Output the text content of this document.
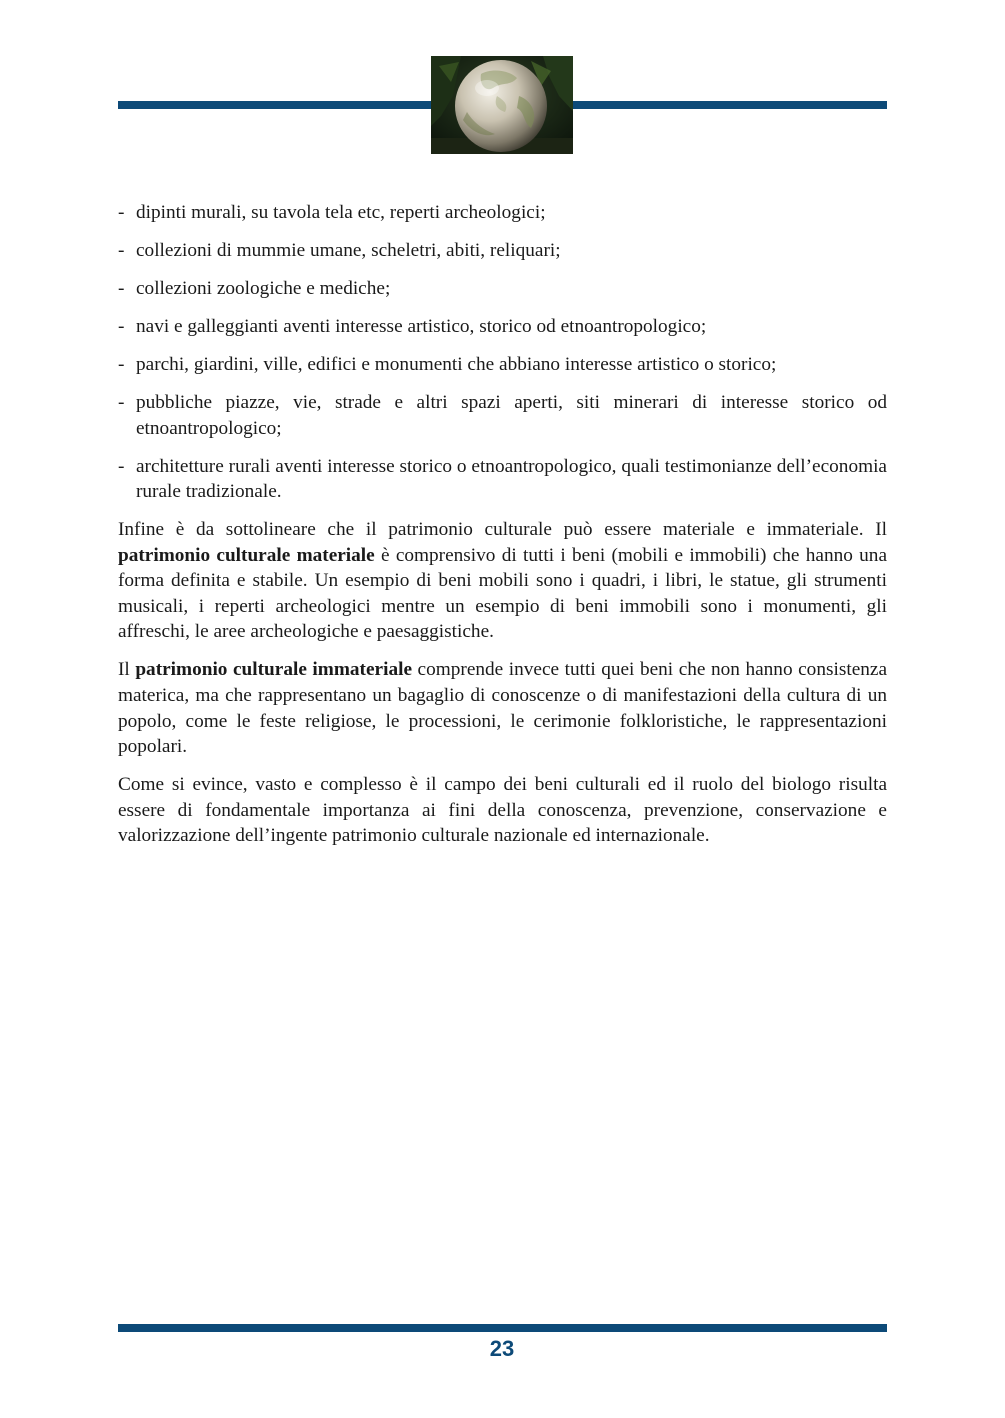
- dipinti murali, su tavola tela etc, reperti archeologici;
- collezioni di mummie umane, scheletri, abiti, reliquari;
- collezioni zoologiche e mediche;
- navi e galleggianti aventi interesse artistico, storico od etnoantropologico;
- parchi, giardini, ville, edifici e monumenti che abbiano interesse artistico o storico;
- pubbliche piazze, vie, strade e altri spazi aperti, siti minerari di interesse storico od etnoantropologico;
- architetture rurali aventi interesse storico o etnoantropologico, quali testimonianze dell’economia rurale tradizionale.

Infine è da sottolineare che il patrimonio culturale può essere materiale e immateriale. Il patrimonio culturale materiale è comprensivo di tutti i beni (mobili e immobili) che hanno una forma definita e stabile. Un esempio di beni mobili sono i quadri, i libri, le statue, gli strumenti musicali, i reperti archeologici mentre un esempio di beni immobili sono i monumenti, gli affreschi, le aree archeologiche e paesaggistiche.

Il patrimonio culturale immateriale comprende invece tutti quei beni che non hanno consistenza materica, ma che rappresentano un bagaglio di conoscenze o di manifestazioni della cultura di un popolo, come le feste religiose, le processioni, le cerimonie folkloristiche, le rappresentazioni popolari.

Come si evince, vasto e complesso è il campo dei beni culturali ed il ruolo del biologo risulta essere di fondamentale importanza ai fini della conoscenza, prevenzione, conservazione e valorizzazione dell’ingente patrimonio culturale nazionale ed internazionale.

23
